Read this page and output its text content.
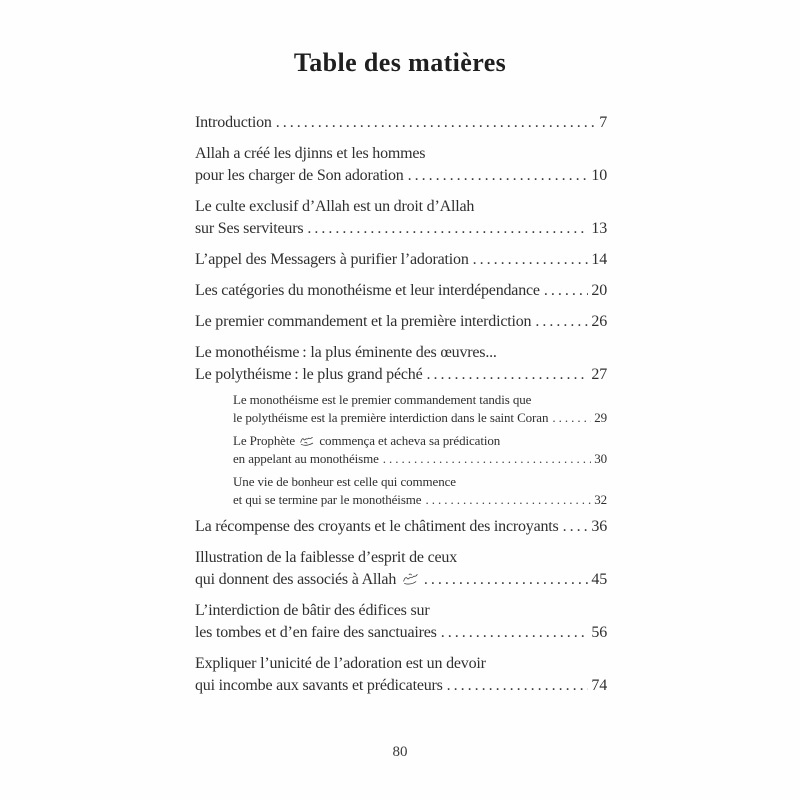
Table des matières
Introduction .....	7
Allah a créé les djinns et les hommes
pour les charger de Son adoration .....	10
Le culte exclusif d’Allah est un droit d’Allah
sur Ses serviteurs .....	13
L’appel des Messagers à purifier l’adoration .....	14
Les catégories du monothéisme et leur interdépendance .....	20
Le premier commandement et la première interdiction .....	26
Le monothéisme : la plus éminente des œuvres...
Le polythéisme : le plus grand péché .....	27
Le monothéisme est le premier commandement tandis que
le polythéisme est la première interdiction dans le saint Coran .....	29
Le Prophète  commença et acheva sa prédication
en appelant au monothéisme .....	30
Une vie de bonheur est celle qui commence
et qui se termine par le monothéisme .....	32
La récompense des croyants et le châtiment des incroyants ..... 36
Illustration de la faiblesse d’esprit de ceux
qui donnent des associés à Allah .....	45
L’interdiction de bâtir des édifices sur
les tombes et d’en faire des sanctuaires .....	56
Expliquer l’unicité de l’adoration est un devoir
qui incombe aux savants et prédicateurs .....	74
80
